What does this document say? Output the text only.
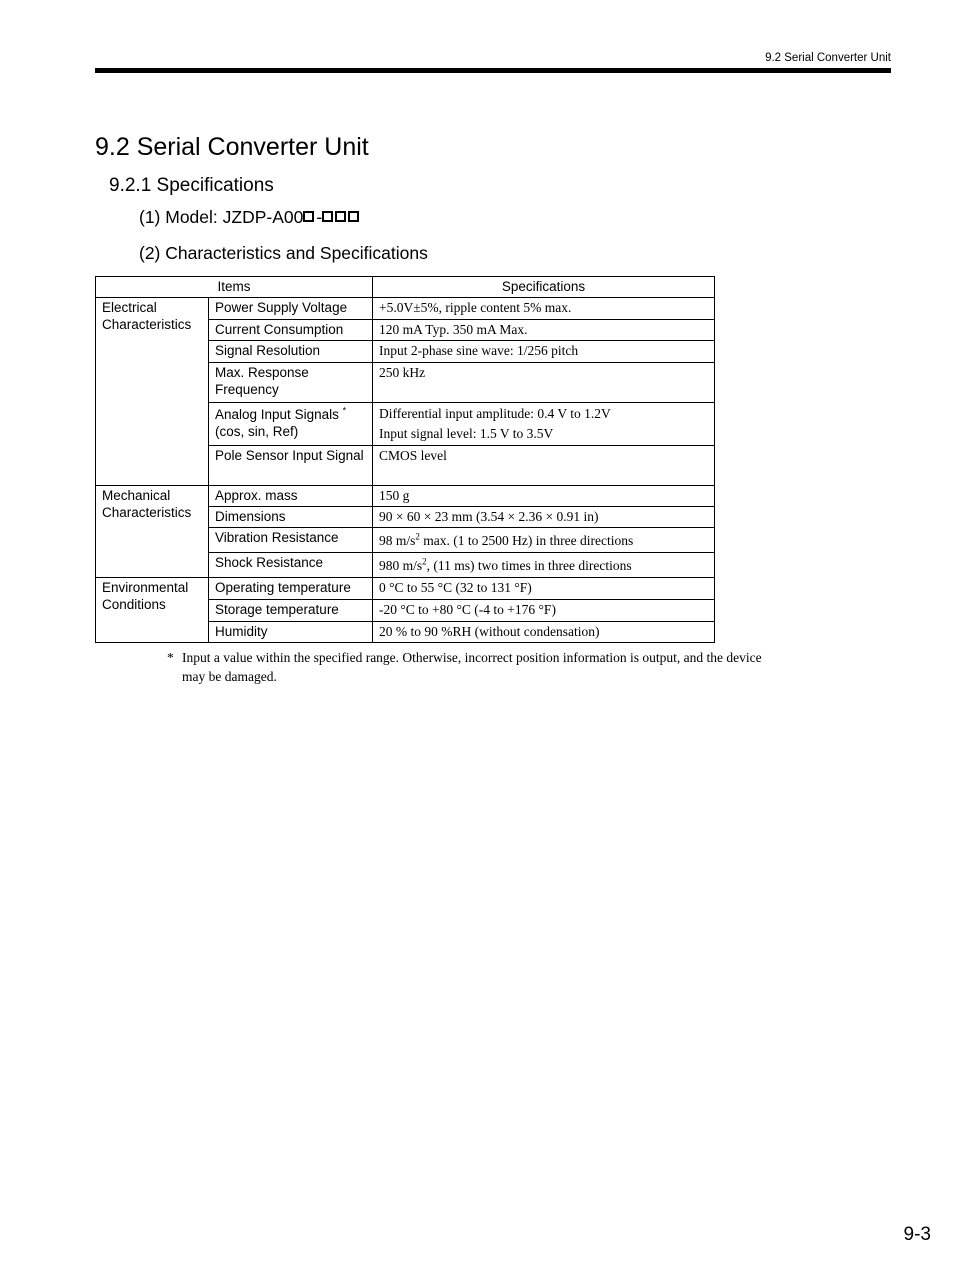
9.2 Serial Converter Unit
9.2 Serial Converter Unit
9.2.1 Specifications
(1) Model: JZDP-A00 -
(2) Characteristics and Specifications
Items		Specifications
Electrical Characteristics	Power Supply Voltage	+5.0V±5%, ripple content 5% max.
	Current Consumption	120 mA Typ. 350 mA Max.
	Signal Resolution	Input 2-phase sine wave: 1/256 pitch
	Max. Response Frequency	250 kHz
	Analog Input Signals *
(cos, sin, Ref)	Differential input amplitude: 0.4 V to 1.2V
Input signal level: 1.5 V to 3.5V

	Pole Sensor Input Signal	CMOS level
Mechanical Characteristics	Approx. mass	150 g
	Dimensions	90 × 60 × 23 mm (3.54 × 2.36 × 0.91 in)
	Vibration Resistance	98 $m/s^2$ max. (1 to 2500 Hz) in three directions
	Shock Resistance	980 $m/s^2$, (11 ms) two times in three directions
Environmental Conditions	Operating temperature	0 °C to 55 °C (32 to 131 °F)
	Storage temperature	-20 °C to +80 °C (-4 to +176 °F)
	Humidity	20 % to 90 %RH (without condensation)
* Input a value within the specified range. Otherwise, incorrect position information is output, and the device may be damaged.
9-3
